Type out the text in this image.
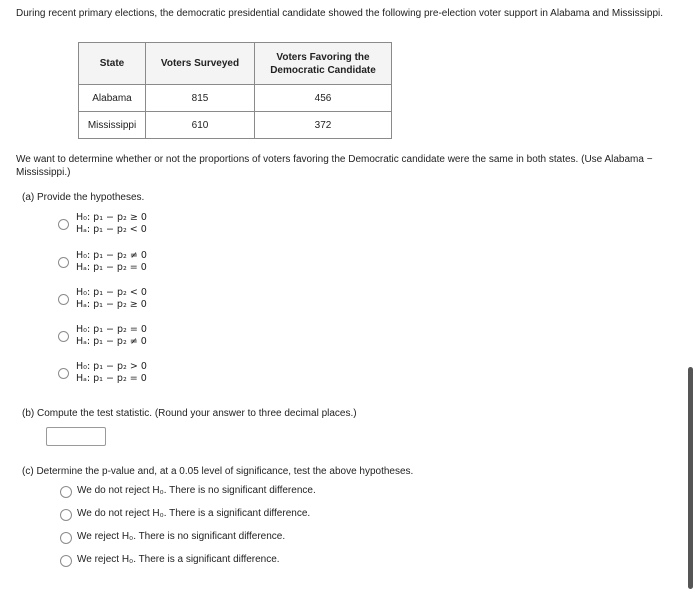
During recent primary elections, the democratic presidential candidate showed the following pre-election voter support in Alabama and Mississippi.
State	Voters Surveyed	Voters Favoring the Democratic Candidate
Alabama	815	456
Mississippi	610	372
We want to determine whether or not the proportions of voters favoring the Democratic candidate were the same in both states. (Use Alabama − Mississippi.)
(a) Provide the hypotheses.
H₀: p₁ − p₂ ≥ 0
Hₐ: p₁ − p₂ < 0
H₀: p₁ − p₂ ≠ 0
Hₐ: p₁ − p₂ = 0
H₀: p₁ − p₂ < 0
Hₐ: p₁ − p₂ ≥ 0
H₀: p₁ − p₂ = 0
Hₐ: p₁ − p₂ ≠ 0
H₀: p₁ − p₂ > 0
Hₐ: p₁ − p₂ = 0
(b) Compute the test statistic. (Round your answer to three decimal places.)
(c) Determine the p-value and, at a 0.05 level of significance, test the above hypotheses.
We do not reject H₀. There is no significant difference.
We do not reject H₀. There is a significant difference.
We reject H₀. There is no significant difference.
We reject H₀. There is a significant difference.
